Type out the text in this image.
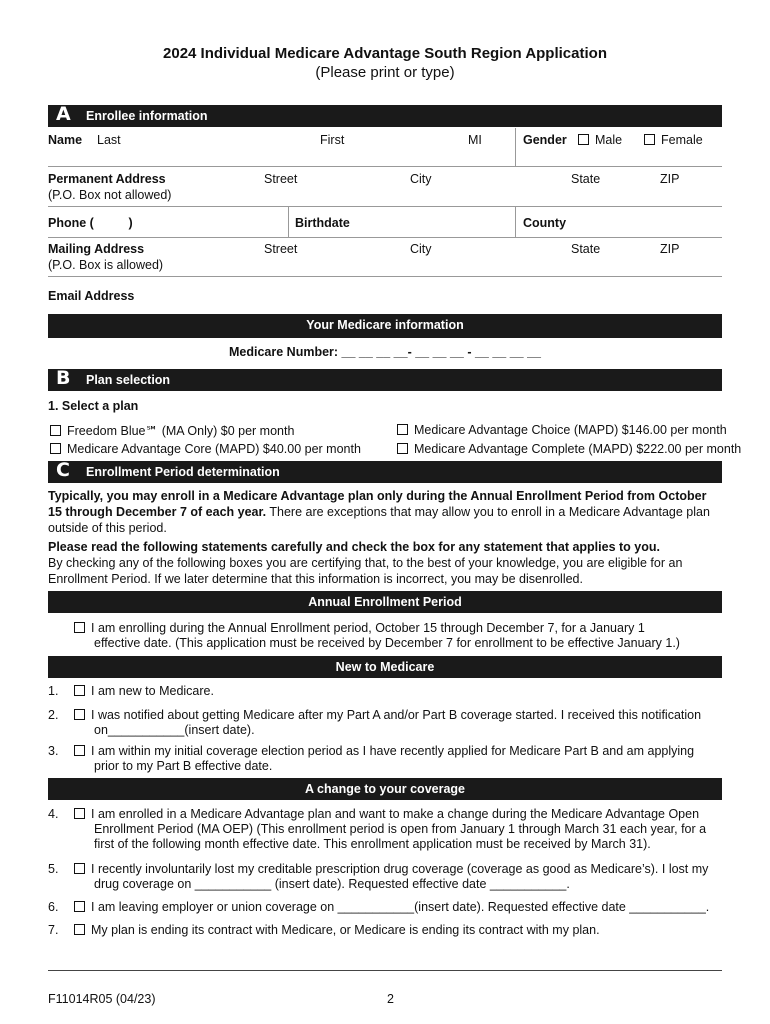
2024 Individual Medicare Advantage South Region Application
(Please print or type)
A Enrollee information
Name Last	First	MI	Gender	Male	Female
Permanent Address
(P.O. Box not allowed)
Street	City	State	ZIP
Phone (          )	Birthdate	County
Mailing Address
(P.O. Box is allowed)
Street	City	State	ZIP
Email Address
Your Medicare information
Medicare Number: __ __ __ __- __ __ __ - __ __ __ __
B Plan selection
1. Select a plan
Freedom Blue℠ (MA Only) $0 per month
Medicare Advantage Core (MAPD) $40.00 per month
Medicare Advantage Choice (MAPD) $146.00 per month
Medicare Advantage Complete (MAPD) $222.00 per month
C Enrollment Period determination
Typically, you may enroll in a Medicare Advantage plan only during the Annual Enrollment Period from October 15 through December 7 of each year. There are exceptions that may allow you to enroll in a Medicare Advantage plan outside of this period.
Please read the following statements carefully and check the box for any statement that applies to you.
By checking any of the following boxes you are certifying that, to the best of your knowledge, you are eligible for an Enrollment Period. If we later determine that this information is incorrect, you may be disenrolled.
Annual Enrollment Period
I am enrolling during the Annual Enrollment period, October 15 through December 7, for a January 1
effective date. (This application must be received by December 7 for enrollment to be effective January 1.)
New to Medicare
1.	I am new to Medicare.
2.	I was notified about getting Medicare after my Part A and/or Part B coverage started. I received this notification
on___________(insert date).
3.	I am within my initial coverage election period as I have recently applied for Medicare Part B and am applying
prior to my Part B effective date.
A change to your coverage
4.	I am enrolled in a Medicare Advantage plan and want to make a change during the Medicare Advantage Open
Enrollment Period (MA OEP) (This enrollment period is open from January 1 through March 31 each year, for a
first of the following month effective date. This enrollment application must be received by March 31).
5.	I recently involuntarily lost my creditable prescription drug coverage (coverage as good as Medicare’s). I lost my
drug coverage on ___________ (insert date). Requested effective date ___________.
6.	I am leaving employer or union coverage on ___________(insert date). Requested effective date ___________.
7.	My plan is ending its contract with Medicare, or Medicare is ending its contract with my plan.
F11014R05 (04/23)	2
